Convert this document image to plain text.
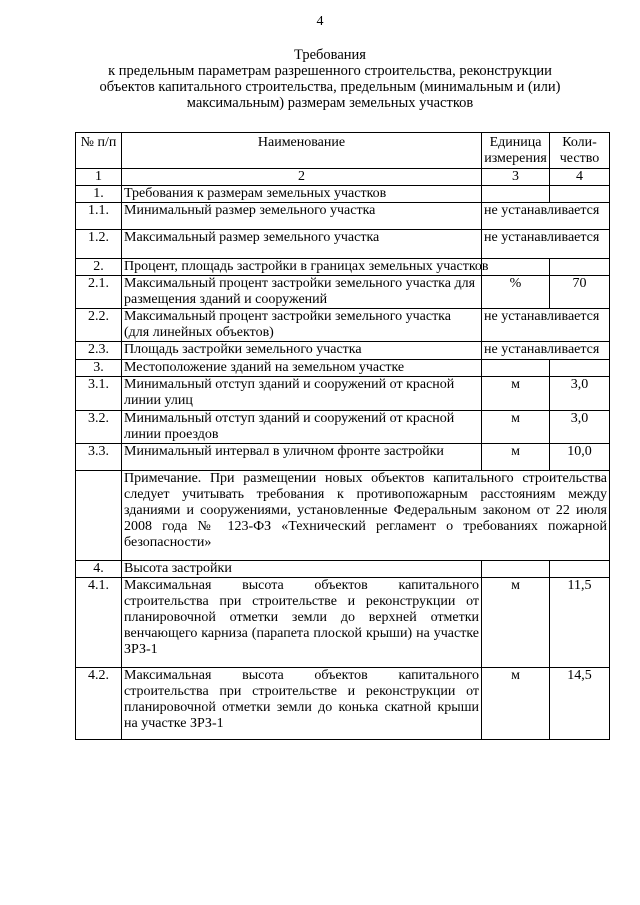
4
Требования
к предельным параметрам разрешенного строительства, реконструкции
объектов капитального строительства, предельным (минимальным и (или)
максимальным) размерам земельных участков
№ п/п	Наименование	Единица измерения	Коли-чество
1	2	3	4
1.	Требования к размерам земельных участков		
1.1.	Минимальный размер земельного участка	не устанавливается	
1.2.	Максимальный размер земельного участка	не устанавливается	
2.	Процент, площадь застройки в границах земельных участков		
2.1.	Максимальный процент застройки земельного участка для размещения зданий и сооружений	%	70
2.2.	Максимальный процент застройки земельного участка (для линейных объектов)	не устанавливается	
2.3.	Площадь застройки земельного участка	не устанавливается	
3.	Местоположение зданий на земельном участке		
3.1.	Минимальный отступ зданий и сооружений от красной линии улиц	м	3,0
3.2.	Минимальный отступ зданий и сооружений от красной линии проездов	м	3,0
3.3.	Минимальный интервал в уличном фронте застройки	м	10,0
	Примечание. При размещении новых объектов капитального строительства следует учитывать требования к противопожарным расстояниям между зданиями и сооружениями, установленные Федеральным законом от 22 июля 2008 года № 123-ФЗ «Технический регламент о требованиях пожарной безопасности»		
4.	Высота застройки		
4.1.	Максимальная высота объектов капитального строительства при строительстве и реконструкции от планировочной отметки земли до верхней отметки венчающего карниза (парапета плоской крыши) на участке ЗРЗ-1	м	11,5
4.2.	Максимальная высота объектов капитального строительства при строительстве и реконструкции от планировочной отметки земли до конька скатной крыши на участке ЗРЗ-1	м	14,5
